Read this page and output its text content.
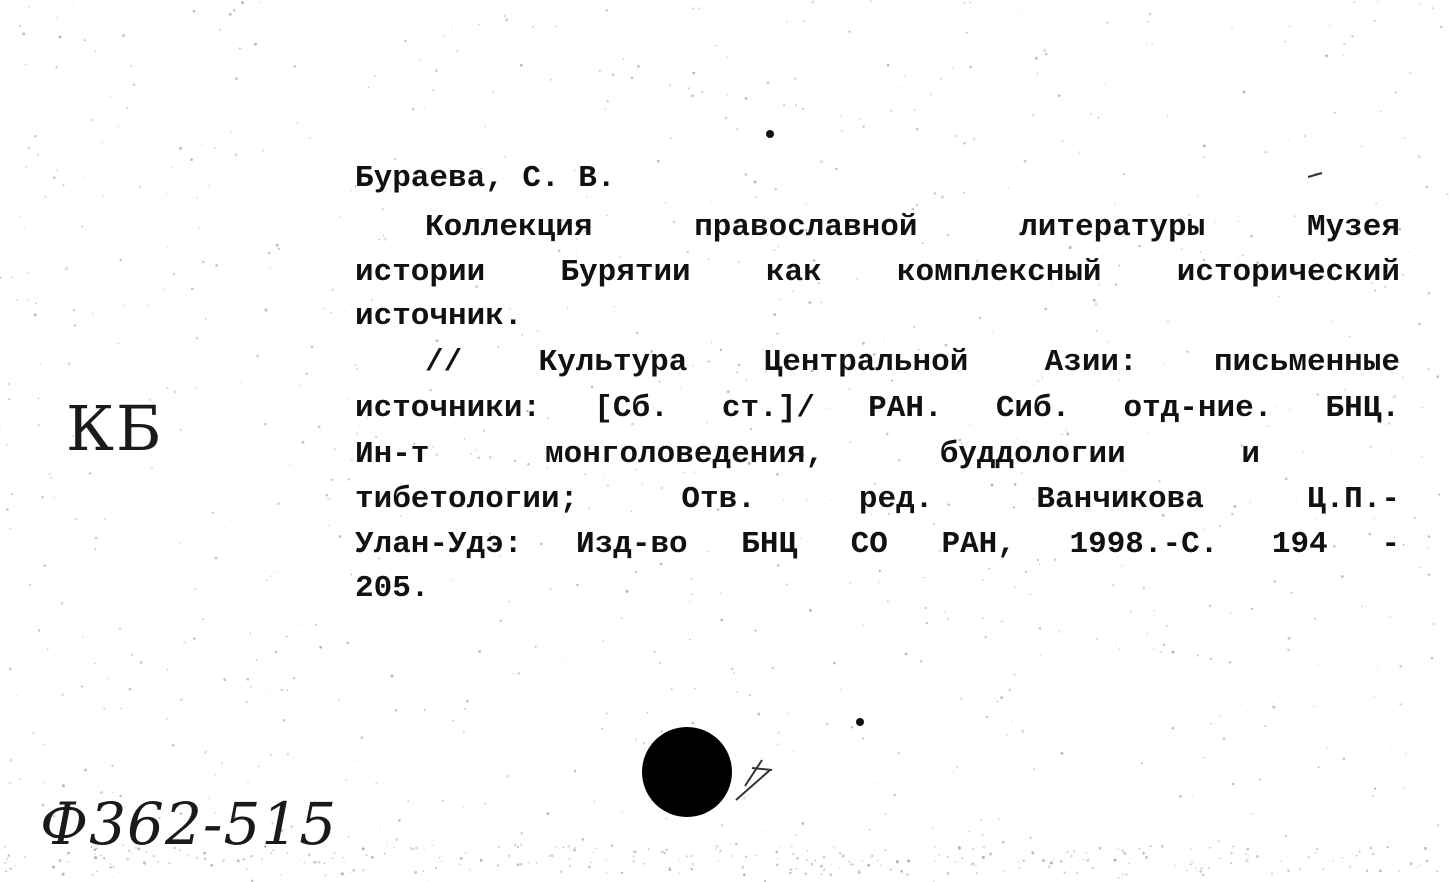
Бураева, С. В.
Коллекция	православной	литературы	Музея
истории Бурятии как комплексный исторический
источник.
// Культура Центральной Азии: письменные
источники: [Сб. ст.]/ РАН. Сиб. отд-ние. БНЦ.
Ин-т	монголоведения,	буддологии	и
тибетологии;	Отв.	ред.	Ванчикова	Ц.П.-
Улан-Удэ: Изд-во БНЦ СО РАН, 1998.-С. 194 -
205.
КБ
Ф362-515
